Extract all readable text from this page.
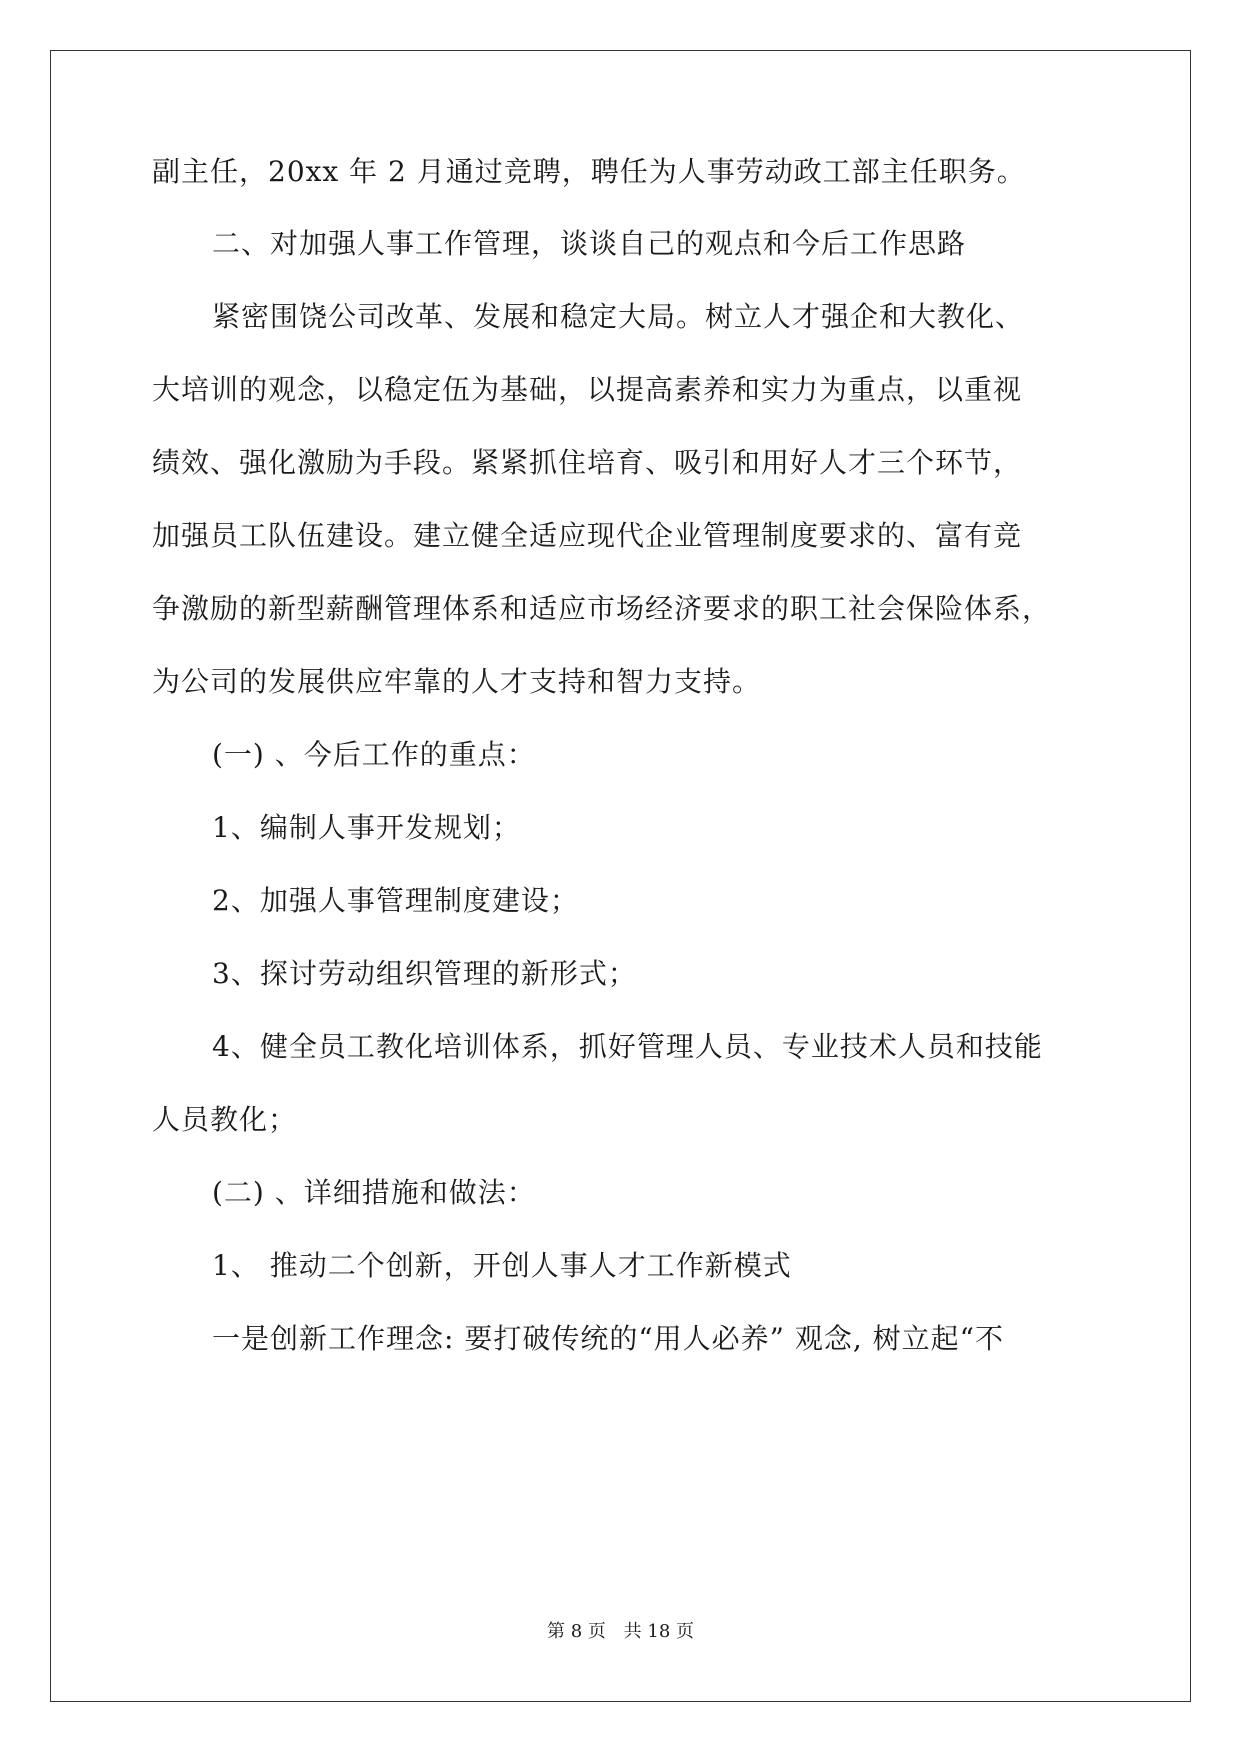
副主任，20xx 年 2 月通过竞聘，聘任为人事劳动政工部主任职务。
二、对加强人事工作管理，谈谈自己的观点和今后工作思路
紧密围饶公司改革、发展和稳定大局。树立人才强企和大教化、
大培训的观念，以稳定伍为基础，以提高素养和实力为重点，以重视
绩效、强化激励为手段。紧紧抓住培育、吸引和用好人才三个环节，
加强员工队伍建设。建立健全适应现代企业管理制度要求的、富有竞
争激励的新型薪酬管理体系和适应市场经济要求的职工社会保险体系，
为公司的发展供应牢靠的人才支持和智力支持。
(一) 、今后工作的重点：
1、编制人事开发规划；
2、加强人事管理制度建设；
3、探讨劳动组织管理的新形式；
4、健全员工教化培训体系，抓好管理人员、专业技术人员和技能
人员教化；
(二) 、详细措施和做法：
1、 推动二个创新，开创人事人才工作新模式
一是创新工作理念: 要打破传统的“用人必养” 观念, 树立起“不
第 8 页 共 18 页
